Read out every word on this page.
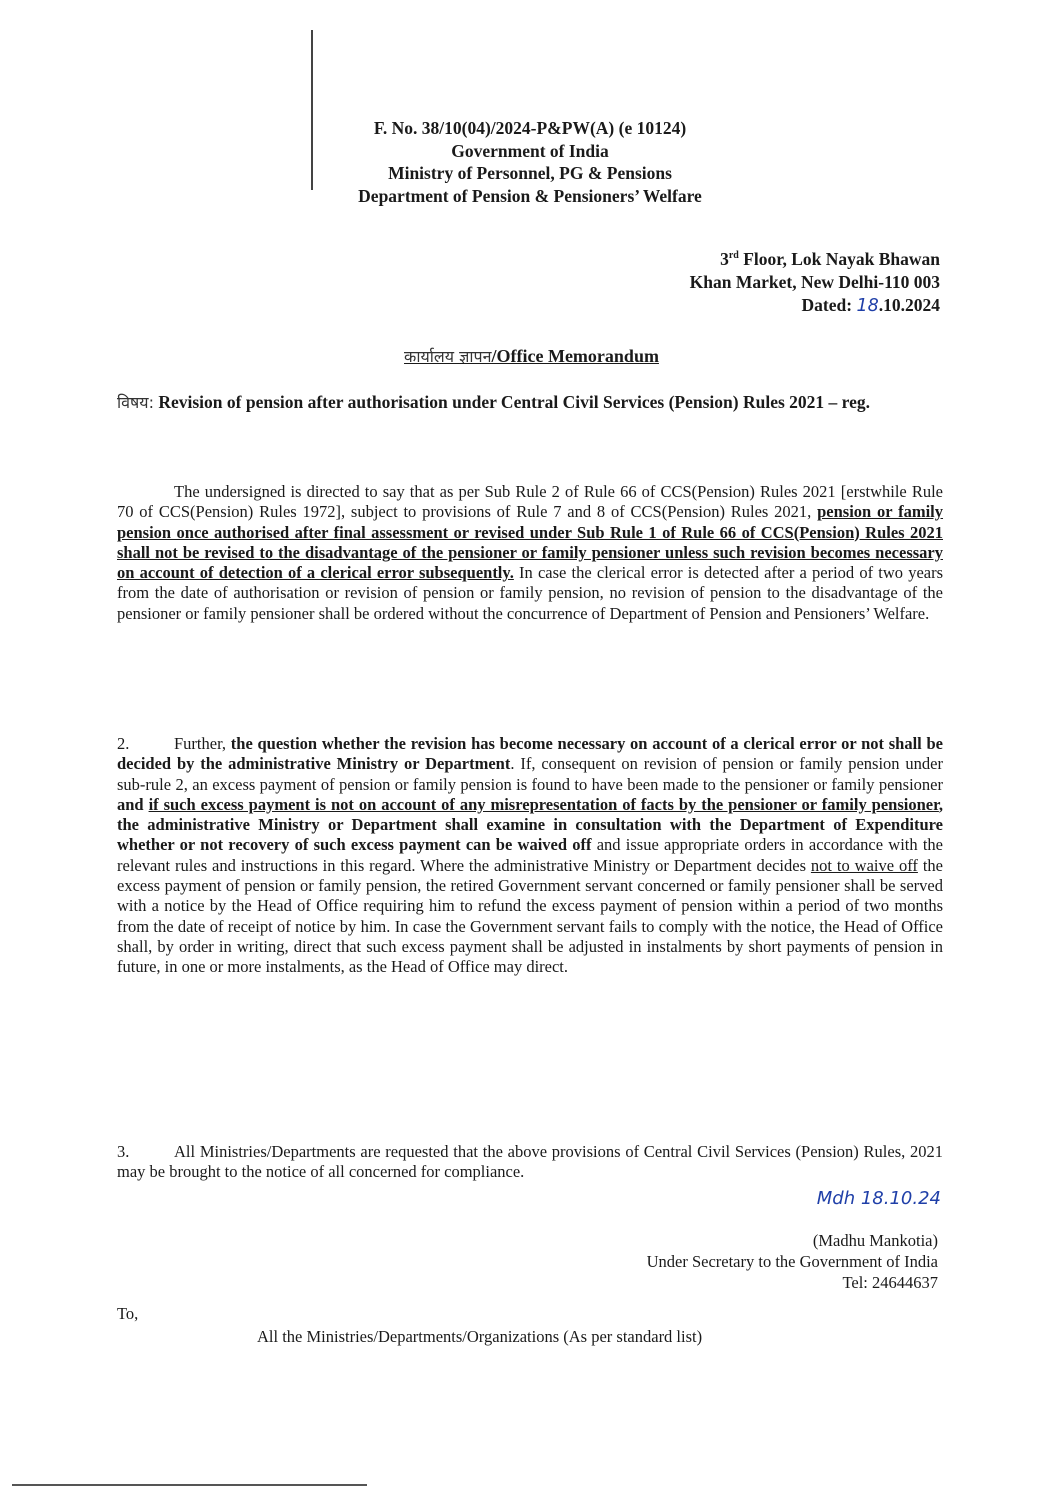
F. No. 38/10(04)/2024-P&PW(A) (e 10124)
Government of India
Ministry of Personnel, PG & Pensions
Department of Pension & Pensioners’ Welfare
3rd Floor, Lok Nayak Bhawan
Khan Market, New Delhi-110 003
Dated: 18.10.2024
कार्यालय ज्ञापन/Office Memorandum
विषय: Revision of pension after authorisation under Central Civil Services (Pension) Rules 2021 – reg.
The undersigned is directed to say that as per Sub Rule 2 of Rule 66 of CCS(Pension) Rules 2021 [erstwhile Rule 70 of CCS(Pension) Rules 1972], subject to provisions of Rule 7 and 8 of CCS(Pension) Rules 2021, pension or family pension once authorised after final assessment or revised under Sub Rule 1 of Rule 66 of CCS(Pension) Rules 2021 shall not be revised to the disadvantage of the pensioner or family pensioner unless such revision becomes necessary on account of detection of a clerical error subsequently. In case the clerical error is detected after a period of two years from the date of authorisation or revision of pension or family pension, no revision of pension to the disadvantage of the pensioner or family pensioner shall be ordered without the concurrence of Department of Pension and Pensioners’ Welfare.
2.	Further, the question whether the revision has become necessary on account of a clerical error or not shall be decided by the administrative Ministry or Department. If, consequent on revision of pension or family pension under sub-rule 2, an excess payment of pension or family pension is found to have been made to the pensioner or family pensioner and if such excess payment is not on account of any misrepresentation of facts by the pensioner or family pensioner, the administrative Ministry or Department shall examine in consultation with the Department of Expenditure whether or not recovery of such excess payment can be waived off and issue appropriate orders in accordance with the relevant rules and instructions in this regard. Where the administrative Ministry or Department decides not to waive off the excess payment of pension or family pension, the retired Government servant concerned or family pensioner shall be served with a notice by the Head of Office requiring him to refund the excess payment of pension within a period of two months from the date of receipt of notice by him. In case the Government servant fails to comply with the notice, the Head of Office shall, by order in writing, direct that such excess payment shall be adjusted in instalments by short payments of pension in future, in one or more instalments, as the Head of Office may direct.
3.	All Ministries/Departments are requested that the above provisions of Central Civil Services (Pension) Rules, 2021 may be brought to the notice of all concerned for compliance.
Mdh 18.10.24
(Madhu Mankotia)
Under Secretary to the Government of India
Tel: 24644637
To,
All the Ministries/Departments/Organizations (As per standard list)
